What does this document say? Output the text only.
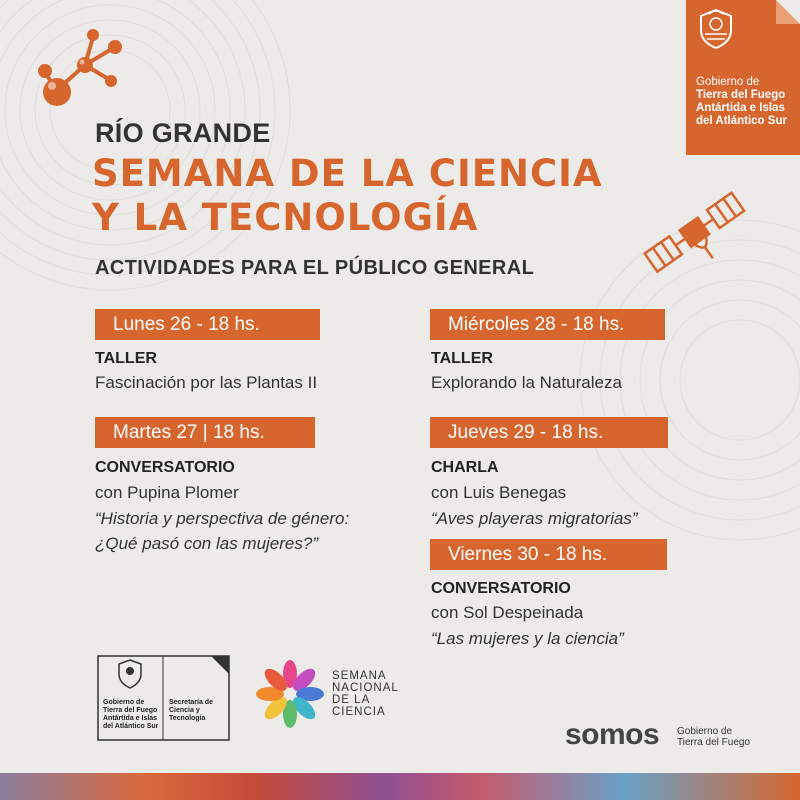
Gobierno de
Tierra del Fuego
Antártida e Islas
del Atlántico Sur
RÍO GRANDE
SEMANA DE LA CIENCIA
Y LA TECNOLOGÍA
ACTIVIDADES PARA EL PÚBLICO GENERAL
Lunes 26 - 18 hs.
TALLER
Fascinación por las Plantas II
Martes 27 | 18 hs.
CONVERSATORIO
con Pupina Plomer
“Historia y perspectiva de género:
¿Qué pasó con las mujeres?”
Miércoles 28 - 18 hs.
TALLER
Explorando la Naturaleza
Jueves 29 - 18 hs.
CHARLA
con Luis Benegas
“Aves playeras migratorias”
Viernes 30 - 18 hs.
CONVERSATORIO
con Sol Despeinada
“Las mujeres y la ciencia”
Gobierno de
Tierra del Fuego
Antártida e Islas
del Atlántico Sur
Secretaría de
Ciencia y
Tecnología
SEMANA
NACIONAL
DE LA
CIENCIA
somos Gobierno de
Tierra del Fuego
